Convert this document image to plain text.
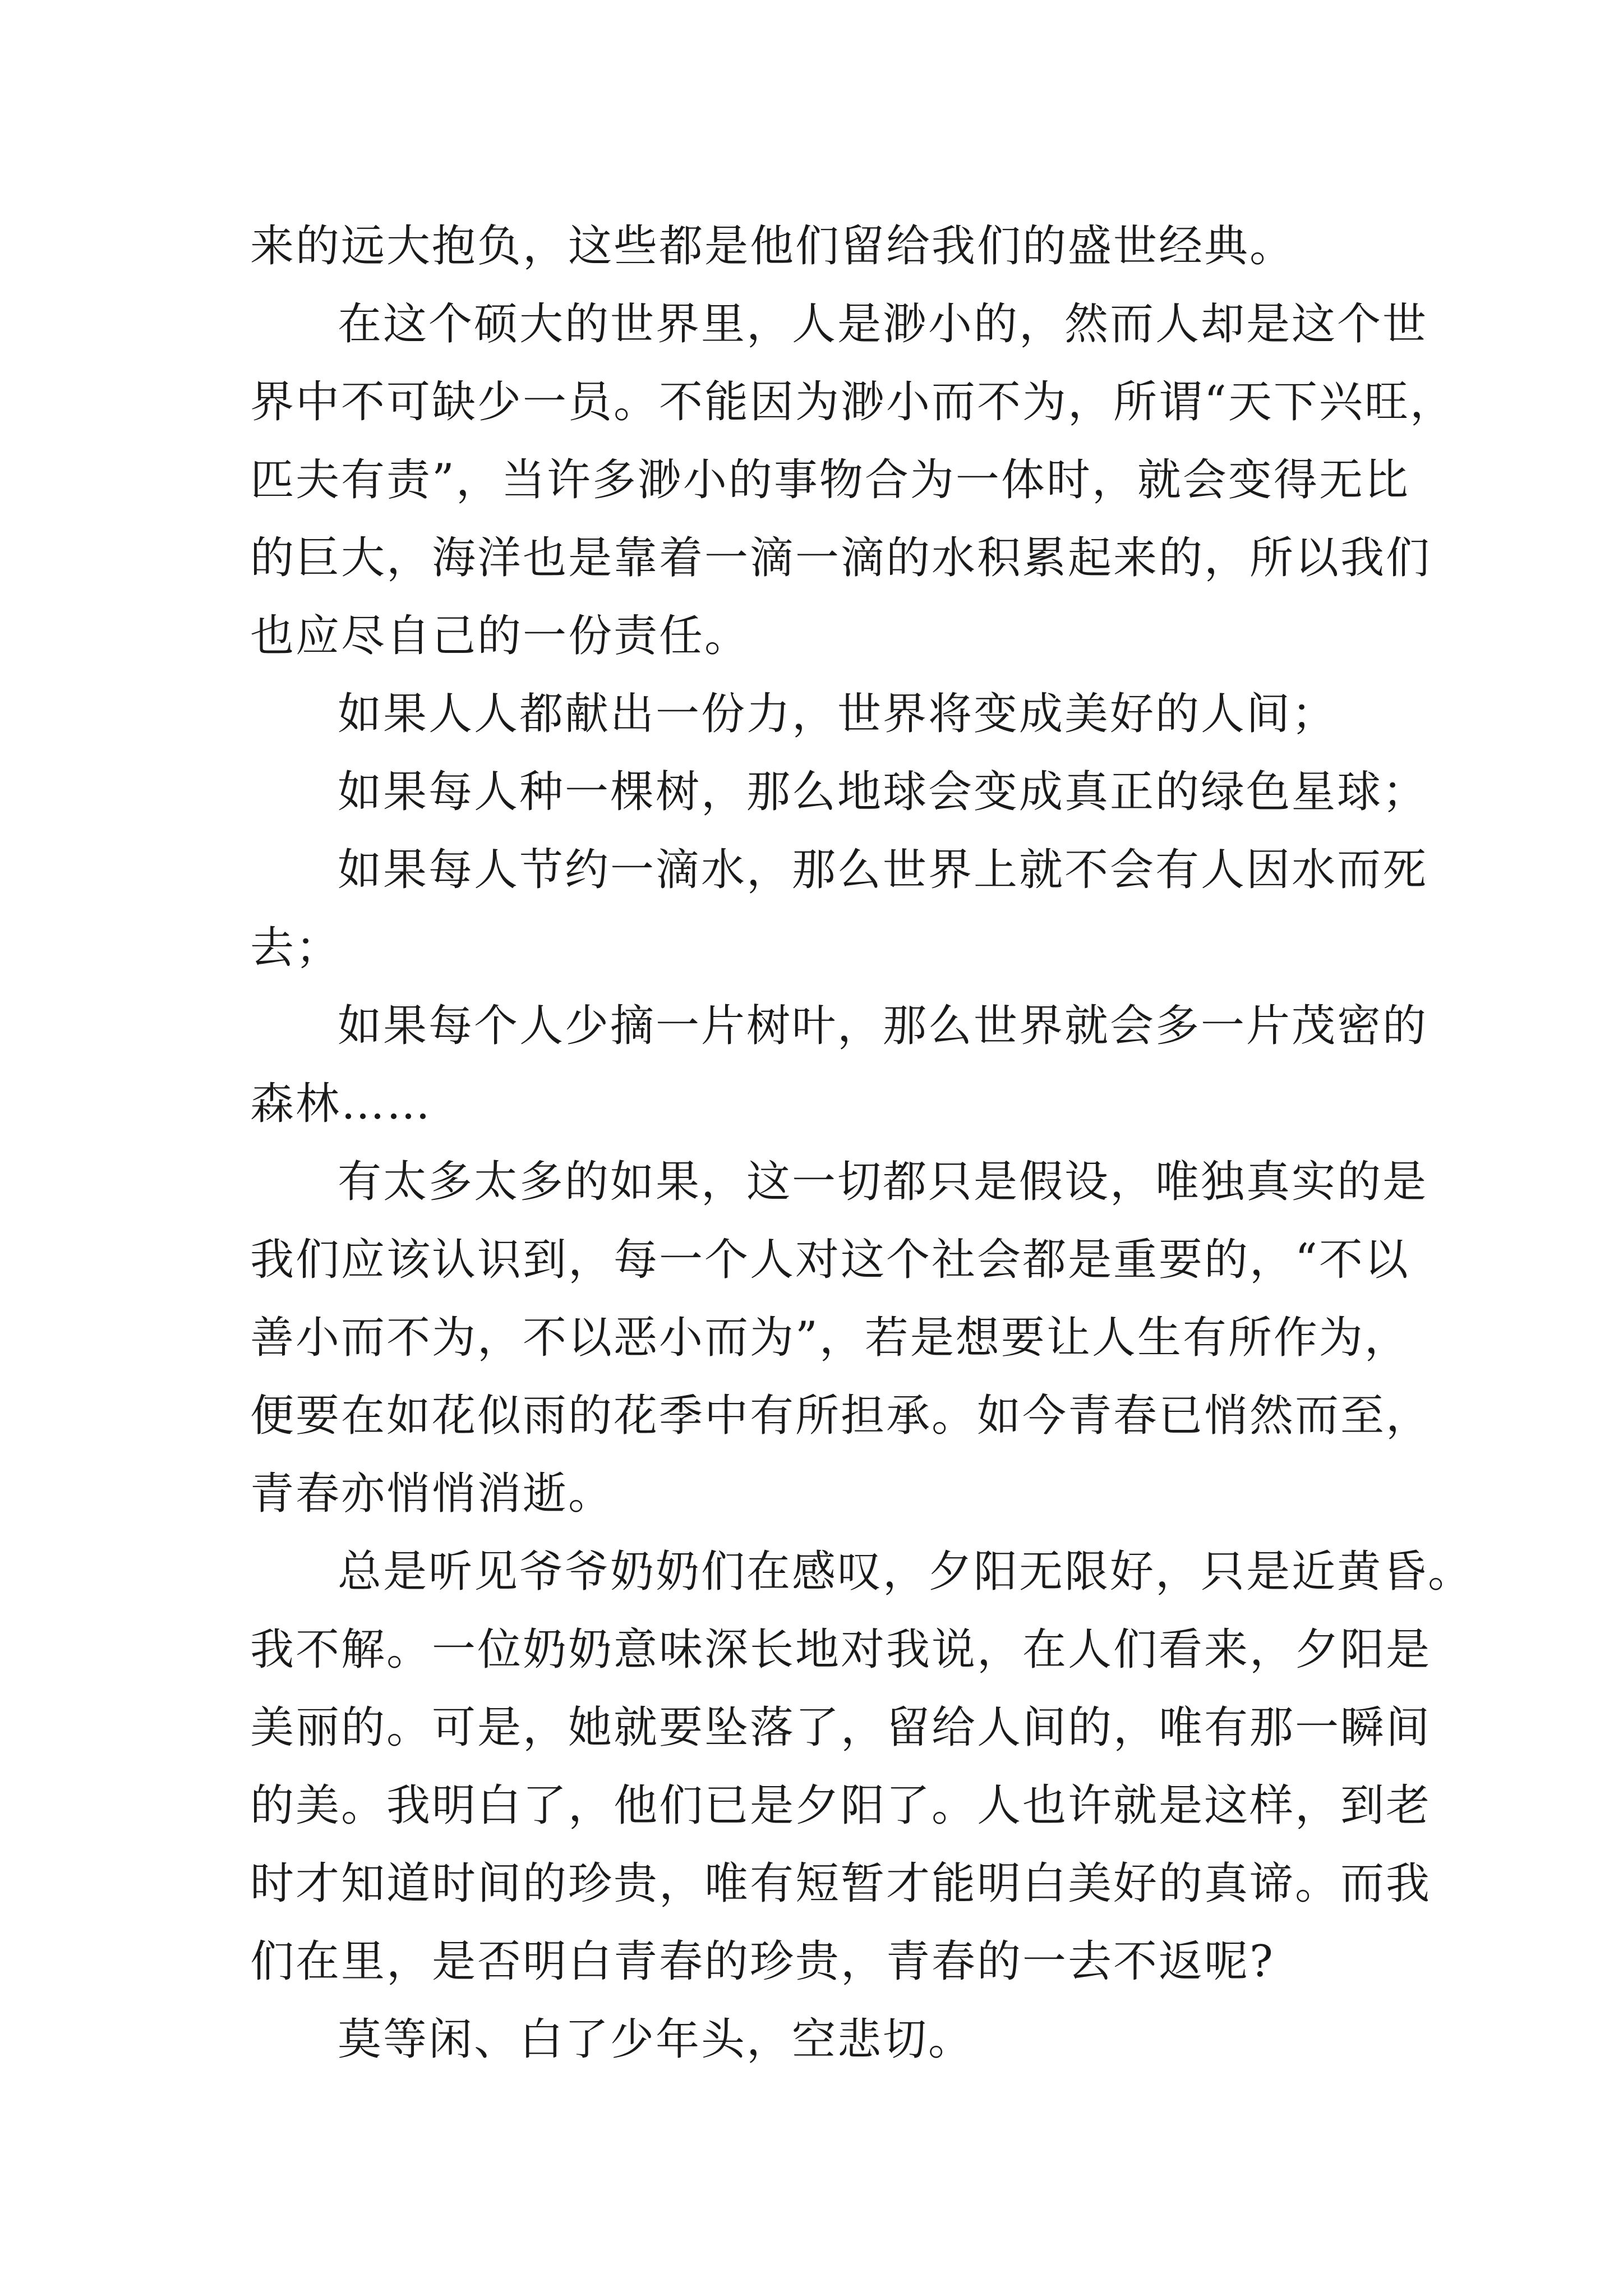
来的远大抱负，这些都是他们留给我们的盛世经典。
在这个硕大的世界里，人是渺小的，然而人却是这个世
界中不可缺少一员。不能因为渺小而不为，所谓“天下兴旺，
匹夫有责”，当许多渺小的事物合为一体时，就会变得无比
的巨大，海洋也是靠着一滴一滴的水积累起来的，所以我们
也应尽自己的一份责任。
如果人人都献出一份力，世界将变成美好的人间；
如果每人种一棵树，那么地球会变成真正的绿色星球；
如果每人节约一滴水，那么世界上就不会有人因水而死
去；
如果每个人少摘一片树叶，那么世界就会多一片茂密的
森林……
有太多太多的如果，这一切都只是假设，唯独真实的是
我们应该认识到，每一个人对这个社会都是重要的，“不以
善小而不为，不以恶小而为”，若是想要让人生有所作为，
便要在如花似雨的花季中有所担承。如今青春已悄然而至，
青春亦悄悄消逝。
总是听见爷爷奶奶们在感叹，夕阳无限好，只是近黄昏。
我不解。一位奶奶意味深长地对我说，在人们看来，夕阳是
美丽的。可是，她就要坠落了，留给人间的，唯有那一瞬间
的美。我明白了，他们已是夕阳了。人也许就是这样，到老
时才知道时间的珍贵，唯有短暂才能明白美好的真谛。而我
们在里，是否明白青春的珍贵，青春的一去不返呢?
莫等闲、白了少年头，空悲切。
